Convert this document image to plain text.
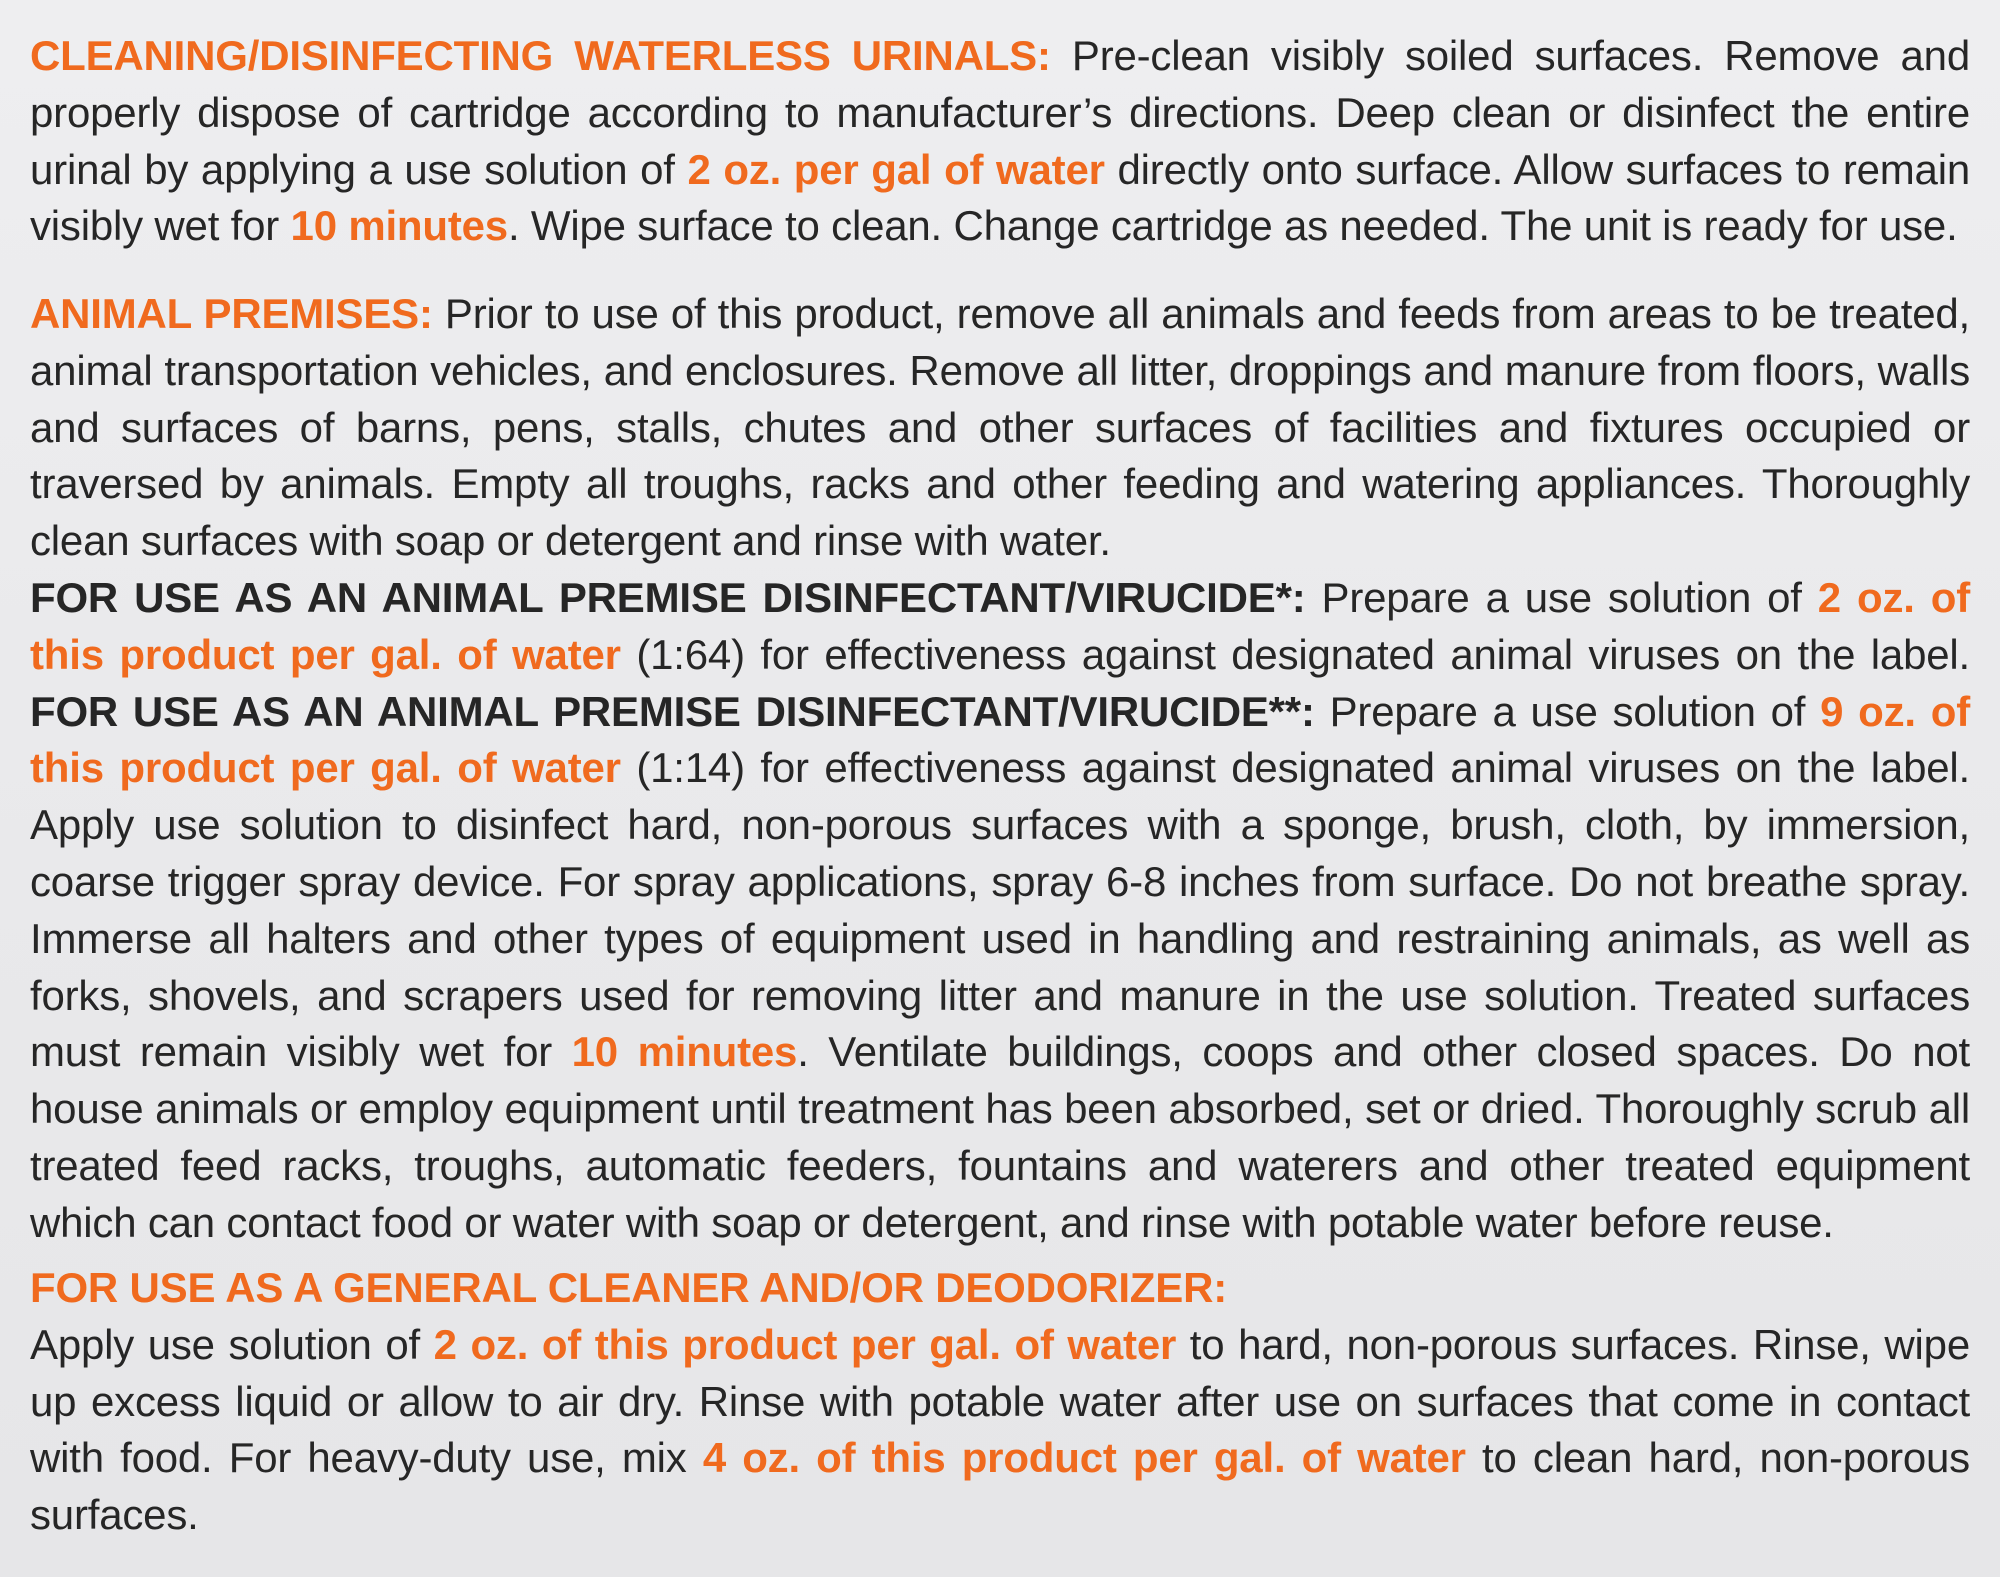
CLEANING/DISINFECTING WATERLESS URINALS: Pre-clean visibly soiled surfaces. Remove and properly dispose of cartridge according to manufacturer’s directions. Deep clean or disinfect the entire urinal by applying a use solution of 2 oz. per gal of water directly onto surface. Allow surfaces to remain visibly wet for 10 minutes. Wipe surface to clean. Change cartridge as needed. The unit is ready for use.
ANIMAL PREMISES: Prior to use of this product, remove all animals and feeds from areas to be treated, animal transportation vehicles, and enclosures. Remove all litter, droppings and manure from floors, walls and surfaces of barns, pens, stalls, chutes and other surfaces of facilities and fixtures occupied or traversed by animals. Empty all troughs, racks and other feeding and watering appliances. Thoroughly clean surfaces with soap or detergent and rinse with water.
FOR USE AS AN ANIMAL PREMISE DISINFECTANT/VIRUCIDE*: Prepare a use solution of 2 oz. of this product per gal. of water (1:64) for effectiveness against designated animal viruses on the label. FOR USE AS AN ANIMAL PREMISE DISINFECTANT/VIRUCIDE**: Prepare a use solution of 9 oz. of this product per gal. of water (1:14) for effectiveness against designated animal viruses on the label. Apply use solution to disinfect hard, non-porous surfaces with a sponge, brush, cloth, by immersion, coarse trigger spray device. For spray applications, spray 6-8 inches from surface. Do not breathe spray. Immerse all halters and other types of equipment used in handling and restraining animals, as well as forks, shovels, and scrapers used for removing litter and manure in the use solution. Treated surfaces must remain visibly wet for 10 minutes. Ventilate buildings, coops and other closed spaces. Do not house animals or employ equipment until treatment has been absorbed, set or dried. Thoroughly scrub all treated feed racks, troughs, automatic feeders, fountains and waterers and other treated equipment which can contact food or water with soap or detergent, and rinse with potable water before reuse.
FOR USE AS A GENERAL CLEANER AND/OR DEODORIZER:
Apply use solution of 2 oz. of this product per gal. of water to hard, non-porous surfaces. Rinse, wipe up excess liquid or allow to air dry. Rinse with potable water after use on surfaces that come in contact with food. For heavy-duty use, mix 4 oz. of this product per gal. of water to clean hard, non-porous surfaces.
